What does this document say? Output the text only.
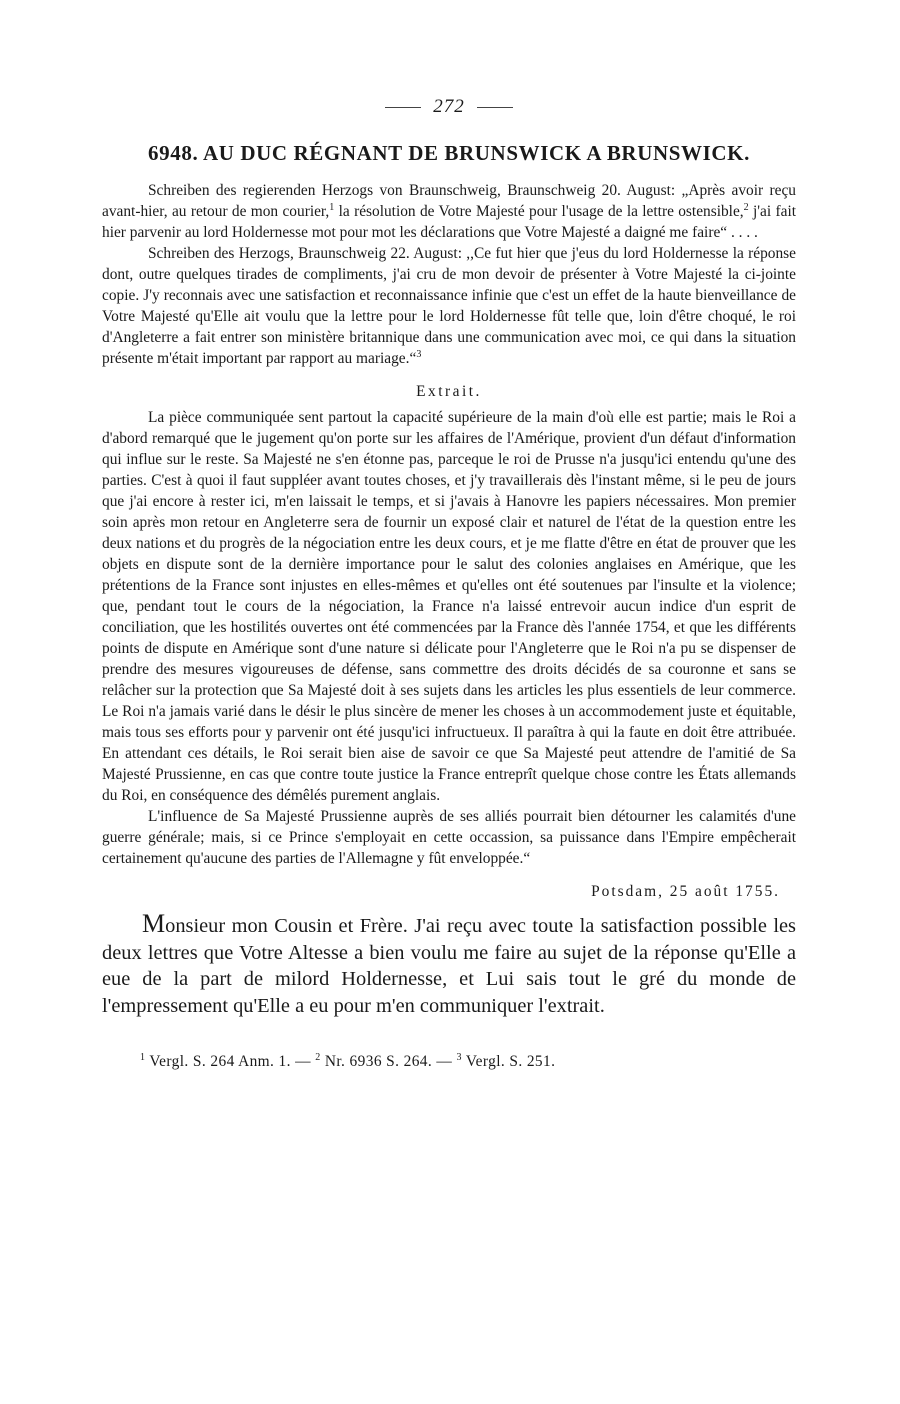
272
6948. AU DUC RÉGNANT DE BRUNSWICK A BRUNSWICK.

Schreiben des regierenden Herzogs von Braunschweig, Braunschweig 20. August: „Après avoir reçu avant-hier, au retour de mon courier,$^1$ la résolution de Votre Majesté pour l'usage de la lettre ostensible,$^2$ j'ai fait hier parvenir au lord Holdernesse mot pour mot les déclarations que Votre Majesté a daigné me faire“ . . . .

Schreiben des Herzogs, Braunschweig 22. August: ,,Ce fut hier que j'eus du lord Holdernesse la réponse dont, outre quelques tirades de compliments, j'ai cru de mon devoir de présenter à Votre Majesté la ci-jointe copie. J'y reconnais avec une satisfaction et reconnaissance infinie que c'est un effet de la haute bienveillance de Votre Majesté qu'Elle ait voulu que la lettre pour le lord Holdernesse fût telle que, loin d'être choqué, le roi d'Angleterre a fait entrer son ministère britannique dans une communication avec moi, ce qui dans la situation présente m'était important par rapport au mariage.“$^3$

Extrait.

La pièce communiquée sent partout la capacité supérieure de la main d'où elle est partie; mais le Roi a d'abord remarqué que le jugement qu'on porte sur les affaires de l'Amérique, provient d'un défaut d'information qui influe sur le reste. Sa Majesté ne s'en étonne pas, parceque le roi de Prusse n'a jusqu'ici entendu qu'une des parties. C'est à quoi il faut suppléer avant toutes choses, et j'y travaillerais dès l'instant même, si le peu de jours que j'ai encore à rester ici, m'en laissait le temps, et si j'avais à Hanovre les papiers nécessaires. Mon premier soin après mon retour en Angleterre sera de fournir un exposé clair et naturel de l'état de la question entre les deux nations et du progrès de la négociation entre les deux cours, et je me flatte d'être en état de prouver que les objets en dispute sont de la dernière importance pour le salut des colonies anglaises en Amérique, que les prétentions de la France sont injustes en elles-mêmes et qu'elles ont été soutenues par l'insulte et la violence; que, pendant tout le cours de la négociation, la France n'a laissé entrevoir aucun indice d'un esprit de conciliation, que les hostilités ouvertes ont été commencées par la France dès l'année 1754, et que les différents points de dispute en Amérique sont d'une nature si délicate pour l'Angleterre que le Roi n'a pu se dispenser de prendre des mesures vigoureuses de défense, sans commettre des droits décidés de sa couronne et sans se relâcher sur la protection que Sa Majesté doit à ses sujets dans les articles les plus essentiels de leur commerce. Le Roi n'a jamais varié dans le désir le plus sincère de mener les choses à un accommodement juste et équitable, mais tous ses efforts pour y parvenir ont été jusqu'ici infructueux. Il paraîtra à qui la faute en doit être attribuée. En attendant ces détails, le Roi serait bien aise de savoir ce que Sa Majesté peut attendre de l'amitié de Sa Majesté Prussienne, en cas que contre toute justice la France entreprît quelque chose contre les États allemands du Roi, en conséquence des démêlés purement anglais.

L'influence de Sa Majesté Prussienne auprès de ses alliés pourrait bien détourner les calamités d'une guerre générale; mais, si ce Prince s'employait en cette occassion, sa puissance dans l'Empire empêcherait certainement qu'aucune des parties de l'Allemagne y fût enveloppée.“

Potsdam, 25 août 1755.

Monsieur mon Cousin et Frère. J'ai reçu avec toute la satisfaction possible les deux lettres que Votre Altesse a bien voulu me faire au sujet de la réponse qu'Elle a eue de la part de milord Holdernesse, et Lui sais tout le gré du monde de l'empressement qu'Elle a eu pour m'en communiquer l'extrait.

$^1$ Vergl. S. 264 Anm. 1. — $^2$ Nr. 6936 S. 264. — $^3$ Vergl. S. 251.
